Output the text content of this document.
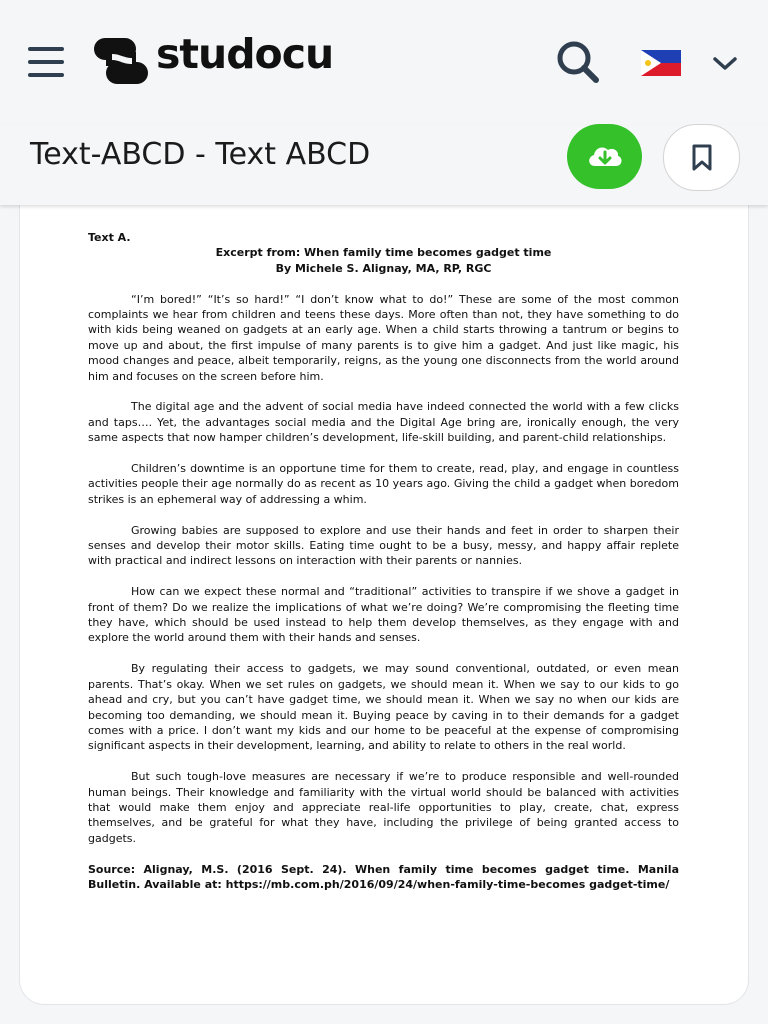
studocu
Text-ABCD - Text ABCD

Text A.

Excerpt from: When family time becomes gadget time

By Michele S. Alignay, MA, RP, RGC

“I’m bored!” “It’s so hard!” “I don’t know what to do!” These are some of the most common complaints we hear from children and teens these days. More often than not, they have something to do with kids being weaned on gadgets at an early age. When a child starts throwing a tantrum or begins to move up and about, the first impulse of many parents is to give him a gadget. And just like magic, his mood changes and peace, albeit temporarily, reigns, as the young one disconnects from the world around him and focuses on the screen before him.

The digital age and the advent of social media have indeed connected the world with a few clicks and taps…. Yet, the advantages social media and the Digital Age bring are, ironically enough, the very same aspects that now hamper children’s development, life-skill building, and parent-child relationships.

Children’s downtime is an opportune time for them to create, read, play, and engage in countless activities people their age normally do as recent as 10 years ago. Giving the child a gadget when boredom strikes is an ephemeral way of addressing a whim.

Growing babies are supposed to explore and use their hands and feet in order to sharpen their senses and develop their motor skills. Eating time ought to be a busy, messy, and happy affair replete with practical and indirect lessons on interaction with their parents or nannies.

How can we expect these normal and “traditional” activities to transpire if we shove a gadget in front of them? Do we realize the implications of what we’re doing? We’re compromising the fleeting time they have, which should be used instead to help them develop themselves, as they engage with and explore the world around them with their hands and senses.

By regulating their access to gadgets, we may sound conventional, outdated, or even mean parents. That’s okay. When we set rules on gadgets, we should mean it. When we say to our kids to go ahead and cry, but you can’t have gadget time, we should mean it. When we say no when our kids are becoming too demanding, we should mean it. Buying peace by caving in to their demands for a gadget comes with a price. I don’t want my kids and our home to be peaceful at the expense of compromising significant aspects in their development, learning, and ability to relate to others in the real world.

But such tough-love measures are necessary if we’re to produce responsible and well-rounded human beings. Their knowledge and familiarity with the virtual world should be balanced with activities that would make them enjoy and appreciate real-life opportunities to play, create, chat, express themselves, and be grateful for what they have, including the privilege of being granted access to gadgets.

Source: Alignay, M.S. (2016 Sept. 24). When family time becomes gadget time. Manila Bulletin. Available at: https://mb.com.ph/2016/09/24/when-family-time-becomes gadget-time/
